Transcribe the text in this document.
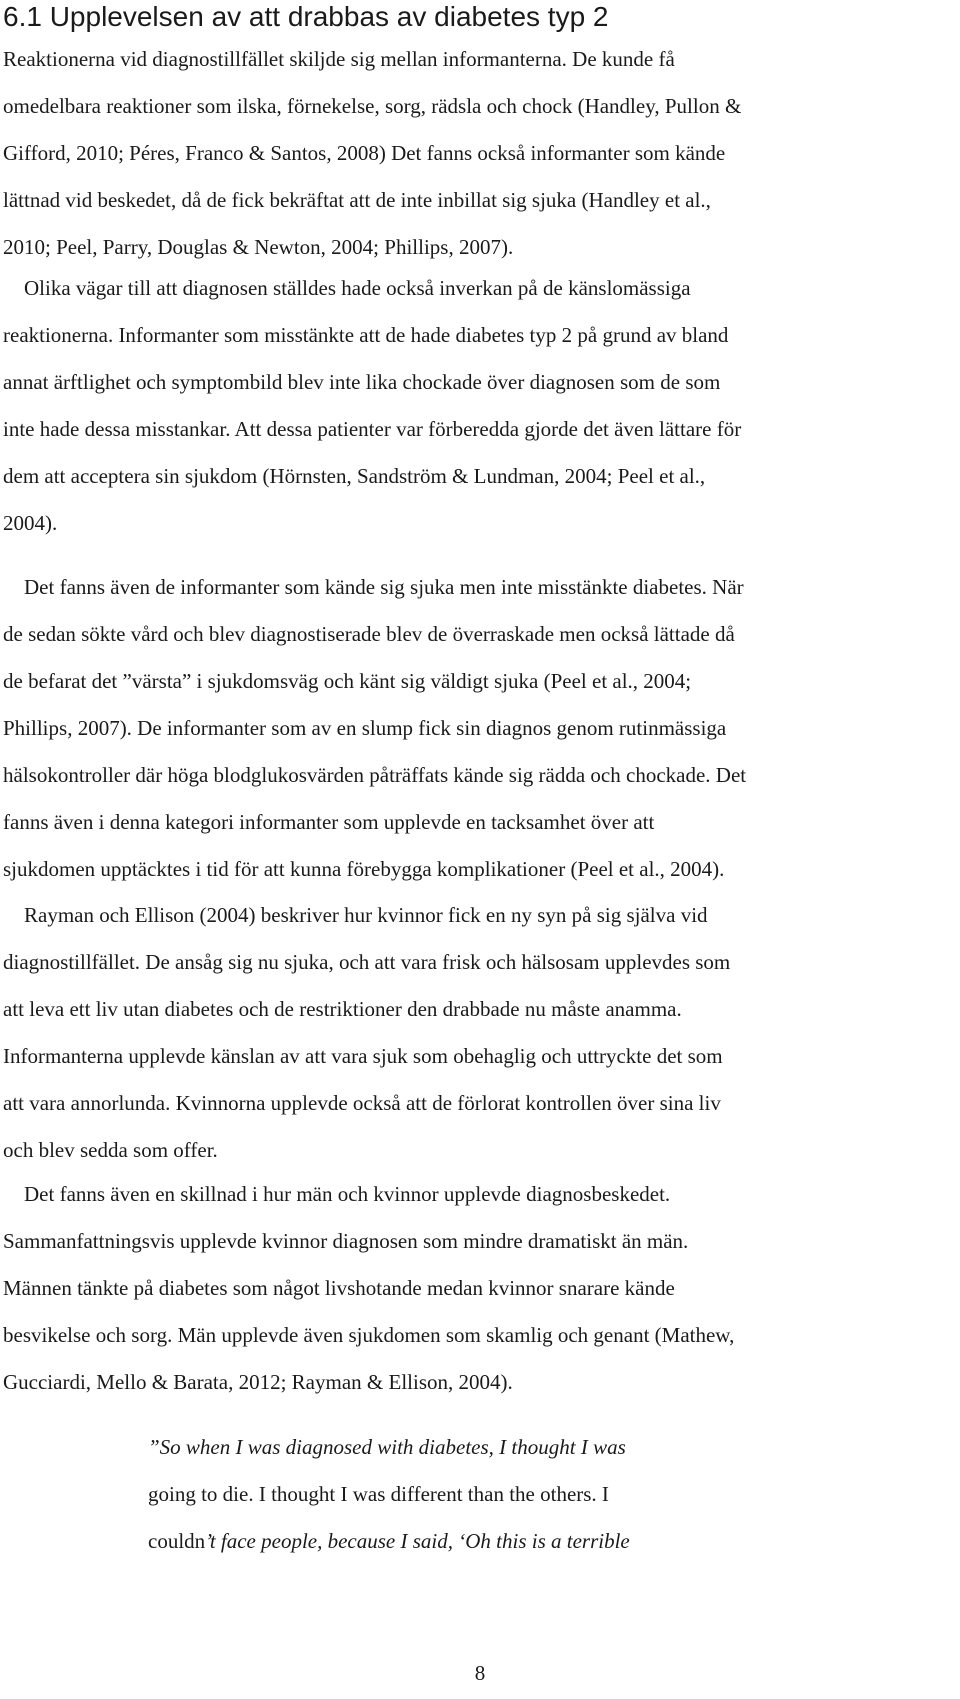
6.1 Upplevelsen av att drabbas av diabetes typ 2

Reaktionerna vid diagnostillfället skiljde sig mellan informanterna. De kunde få
omedelbara reaktioner som ilska, förnekelse, sorg, rädsla och chock (Handley, Pullon &
Gifford, 2010; Péres, Franco & Santos, 2008) Det fanns också informanter som kände
lättnad vid beskedet, då de fick bekräftat att de inte inbillat sig sjuka (Handley et al.,
2010; Peel, Parry, Douglas & Newton, 2004; Phillips, 2007).

Olika vägar till att diagnosen ställdes hade också inverkan på de känslomässiga
reaktionerna. Informanter som misstänkte att de hade diabetes typ 2 på grund av bland
annat ärftlighet och symptombild blev inte lika chockade över diagnosen som de som
inte hade dessa misstankar. Att dessa patienter var förberedda gjorde det även lättare för
dem att acceptera sin sjukdom (Hörnsten, Sandström & Lundman, 2004; Peel et al.,
2004).

Det fanns även de informanter som kände sig sjuka men inte misstänkte diabetes. När
de sedan sökte vård och blev diagnostiserade blev de överraskade men också lättade då
de befarat det ”värsta” i sjukdomsväg och känt sig väldigt sjuka (Peel et al., 2004;
Phillips, 2007). De informanter som av en slump fick sin diagnos genom rutinmässiga
hälsokontroller där höga blodglukosvärden påträffats kände sig rädda och chockade. Det
fanns även i denna kategori informanter som upplevde en tacksamhet över att
sjukdomen upptäcktes i tid för att kunna förebygga komplikationer (Peel et al., 2004).

Rayman och Ellison (2004) beskriver hur kvinnor fick en ny syn på sig själva vid
diagnostillfället. De ansåg sig nu sjuka, och att vara frisk och hälsosam upplevdes som
att leva ett liv utan diabetes och de restriktioner den drabbade nu måste anamma.
Informanterna upplevde känslan av att vara sjuk som obehaglig och uttryckte det som
att vara annorlunda. Kvinnorna upplevde också att de förlorat kontrollen över sina liv
och blev sedda som offer.

Det fanns även en skillnad i hur män och kvinnor upplevde diagnosbeskedet.
Sammanfattningsvis upplevde kvinnor diagnosen som mindre dramatiskt än män.
Männen tänkte på diabetes som något livshotande medan kvinnor snarare kände
besvikelse och sorg. Män upplevde även sjukdomen som skamlig och genant (Mathew,
Gucciardi, Mello & Barata, 2012; Rayman & Ellison, 2004).

”So when I was diagnosed with diabetes, I thought I was
going to die. I thought I was different than the others. I
couldn’t face people, because I said, ‘Oh this is a terrible
8
